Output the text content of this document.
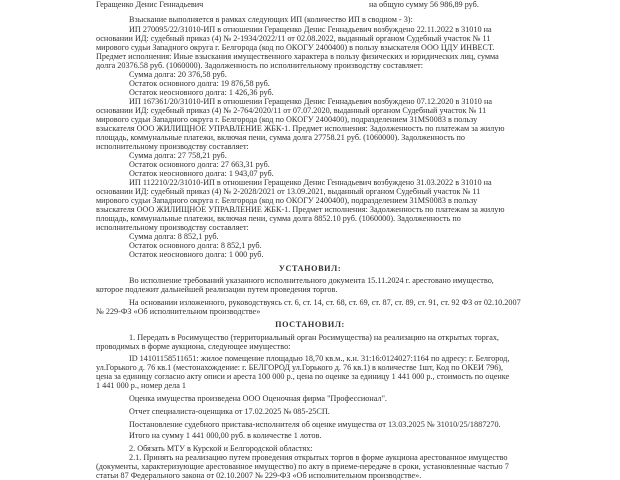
Геращенко Денис Геннадьевич	на общую сумму 56 986,89 руб.
Взыскание выполняется в рамках следующих ИП (количество ИП в сводном - 3):
ИП 270095/22/31010-ИП в отношении Геращенко Денис Геннадьевич возбуждено 22.11.2022 в 31010 на
основании ИД: судебный приказ (4) № 2-1934/2022/11 от 02.08.2022, выданный органом Судебный участок № 11
мирового судьи Западного округа г. Белгорода (код по ОКОГУ 2400400) в пользу взыскателя ООО ЦДУ ИНВЕСТ.
Предмет исполнения: Иные взыскания имущественного характера в пользу физических и юридических лиц, сумма
долга 20376.58 руб. (1060000). Задолженность по исполнительному производству составляет:
Сумма долга: 20 376,58 руб.
Остаток основного долга: 19 876,58 руб.
Остаток неосновного долга: 1 426,36 руб.
ИП 167361/20/31010-ИП в отношении Геращенко Денис Геннадьевич возбуждено 07.12.2020 в 31010 на
основании ИД: судебный приказ (4) № 2-764/2020/11 от 07.07.2020, выданный органом Судебный участок № 11
мирового судьи Западного округа г. Белгорода (код по ОКОГУ 2400400), подразделением 31МS0083 в пользу
взыскателя ООО ЖИЛИЩНОЕ УПРАВЛЕНИЕ ЖБК-1. Предмет исполнения: Задолженность по платежам за жилую
площадь, коммунальные платежи, включая пени, сумма долга 27758.21 руб. (1060000). Задолженность по
исполнительному производству составляет:
Сумма долга: 27 758,21 руб.
Остаток основного долга: 27 663,31 руб.
Остаток неосновного долга: 1 943,07 руб.
ИП 112210/22/31010-ИП в отношении Геращенко Денис Геннадьевич возбуждено 31.03.2022 в 31010 на
основании ИД: судебный приказ (4) № 2-2028/2021 от 13.09.2021, выданный органом Судебный участок № 11
мирового судьи Западного округа г. Белгорода (код по ОКОГУ 2400400), подразделением 31МS0083 в пользу
взыскателя ООО ЖИЛИЩНОЕ УПРАВЛЕНИЕ ЖБК-1. Предмет исполнения: Задолженность по платежам за жилую
площадь, коммунальные платежи, включая пени, сумма долга 8852.10 руб. (1060000). Задолженность по
исполнительному производству составляет:
Сумма долга: 8 852,1 руб.
Остаток основного долга: 8 852,1 руб.
Остаток неосновного долга: 1 000 руб.
УСТАНОВИЛ:
Во исполнение требований указанного исполнительного документа 15.11.2024 г. арестовано имущество,
которое подлежит дальнейшей реализации путем проведения торгов.
На основании изложенного, руководствуясь ст. 6, ст. 14, ст. 68, ст. 69, ст. 87, ст. 89, ст. 91, ст. 92 ФЗ от 02.10.2007
№ 229-ФЗ «Об исполнительном производстве»
ПОСТАНОВИЛ:
1. Передать в Росимущество (территориальный орган Росимущества) на реализацию на открытых торгах,
проводимых в форме аукциона, следующее имущество:
ID 14101158511651: жилое помещение площадью 18,70 кв.м., к.н. 31:16:0124027:1164 по адресу: г. Белгород,
ул.Горького д. 76 кв.1 (местонахождение: г. БЕЛГОРОД ул.Горького д. 76 кв.1) в количестве 1шт, Код по ОКЕИ 796),
цена за единицу согласно акту описи и ареста 100 000 р., цена по оценке за единицу 1 441 000 р., стоимость по оценке
1 441 000 р., номер дела 1
Оценка имущества произведена ООО Оценочная фирма "Профессионал".
Отчет специалиста-оценщика от 17.02.2025 № 085-25СП.
Постановление судебного пристава-исполнителя об оценке имущества от 13.03.2025 № 31010/25/1887270.
Итого на сумму 1 441 000,00 руб. в количестве 1 лотов.
2. Обязать МТУ в Курской и Белгородской областях:
2.1. Принять на реализацию путем проведения открытых торгов в форме аукциона арестованное имущество
(документы, характеризующие арестованное имущество) по акту в приеме-передаче в сроки, установленные частью 7
статьи 87 Федерального закона от 02.10.2007 № 229-ФЗ «Об исполнительном производстве».
